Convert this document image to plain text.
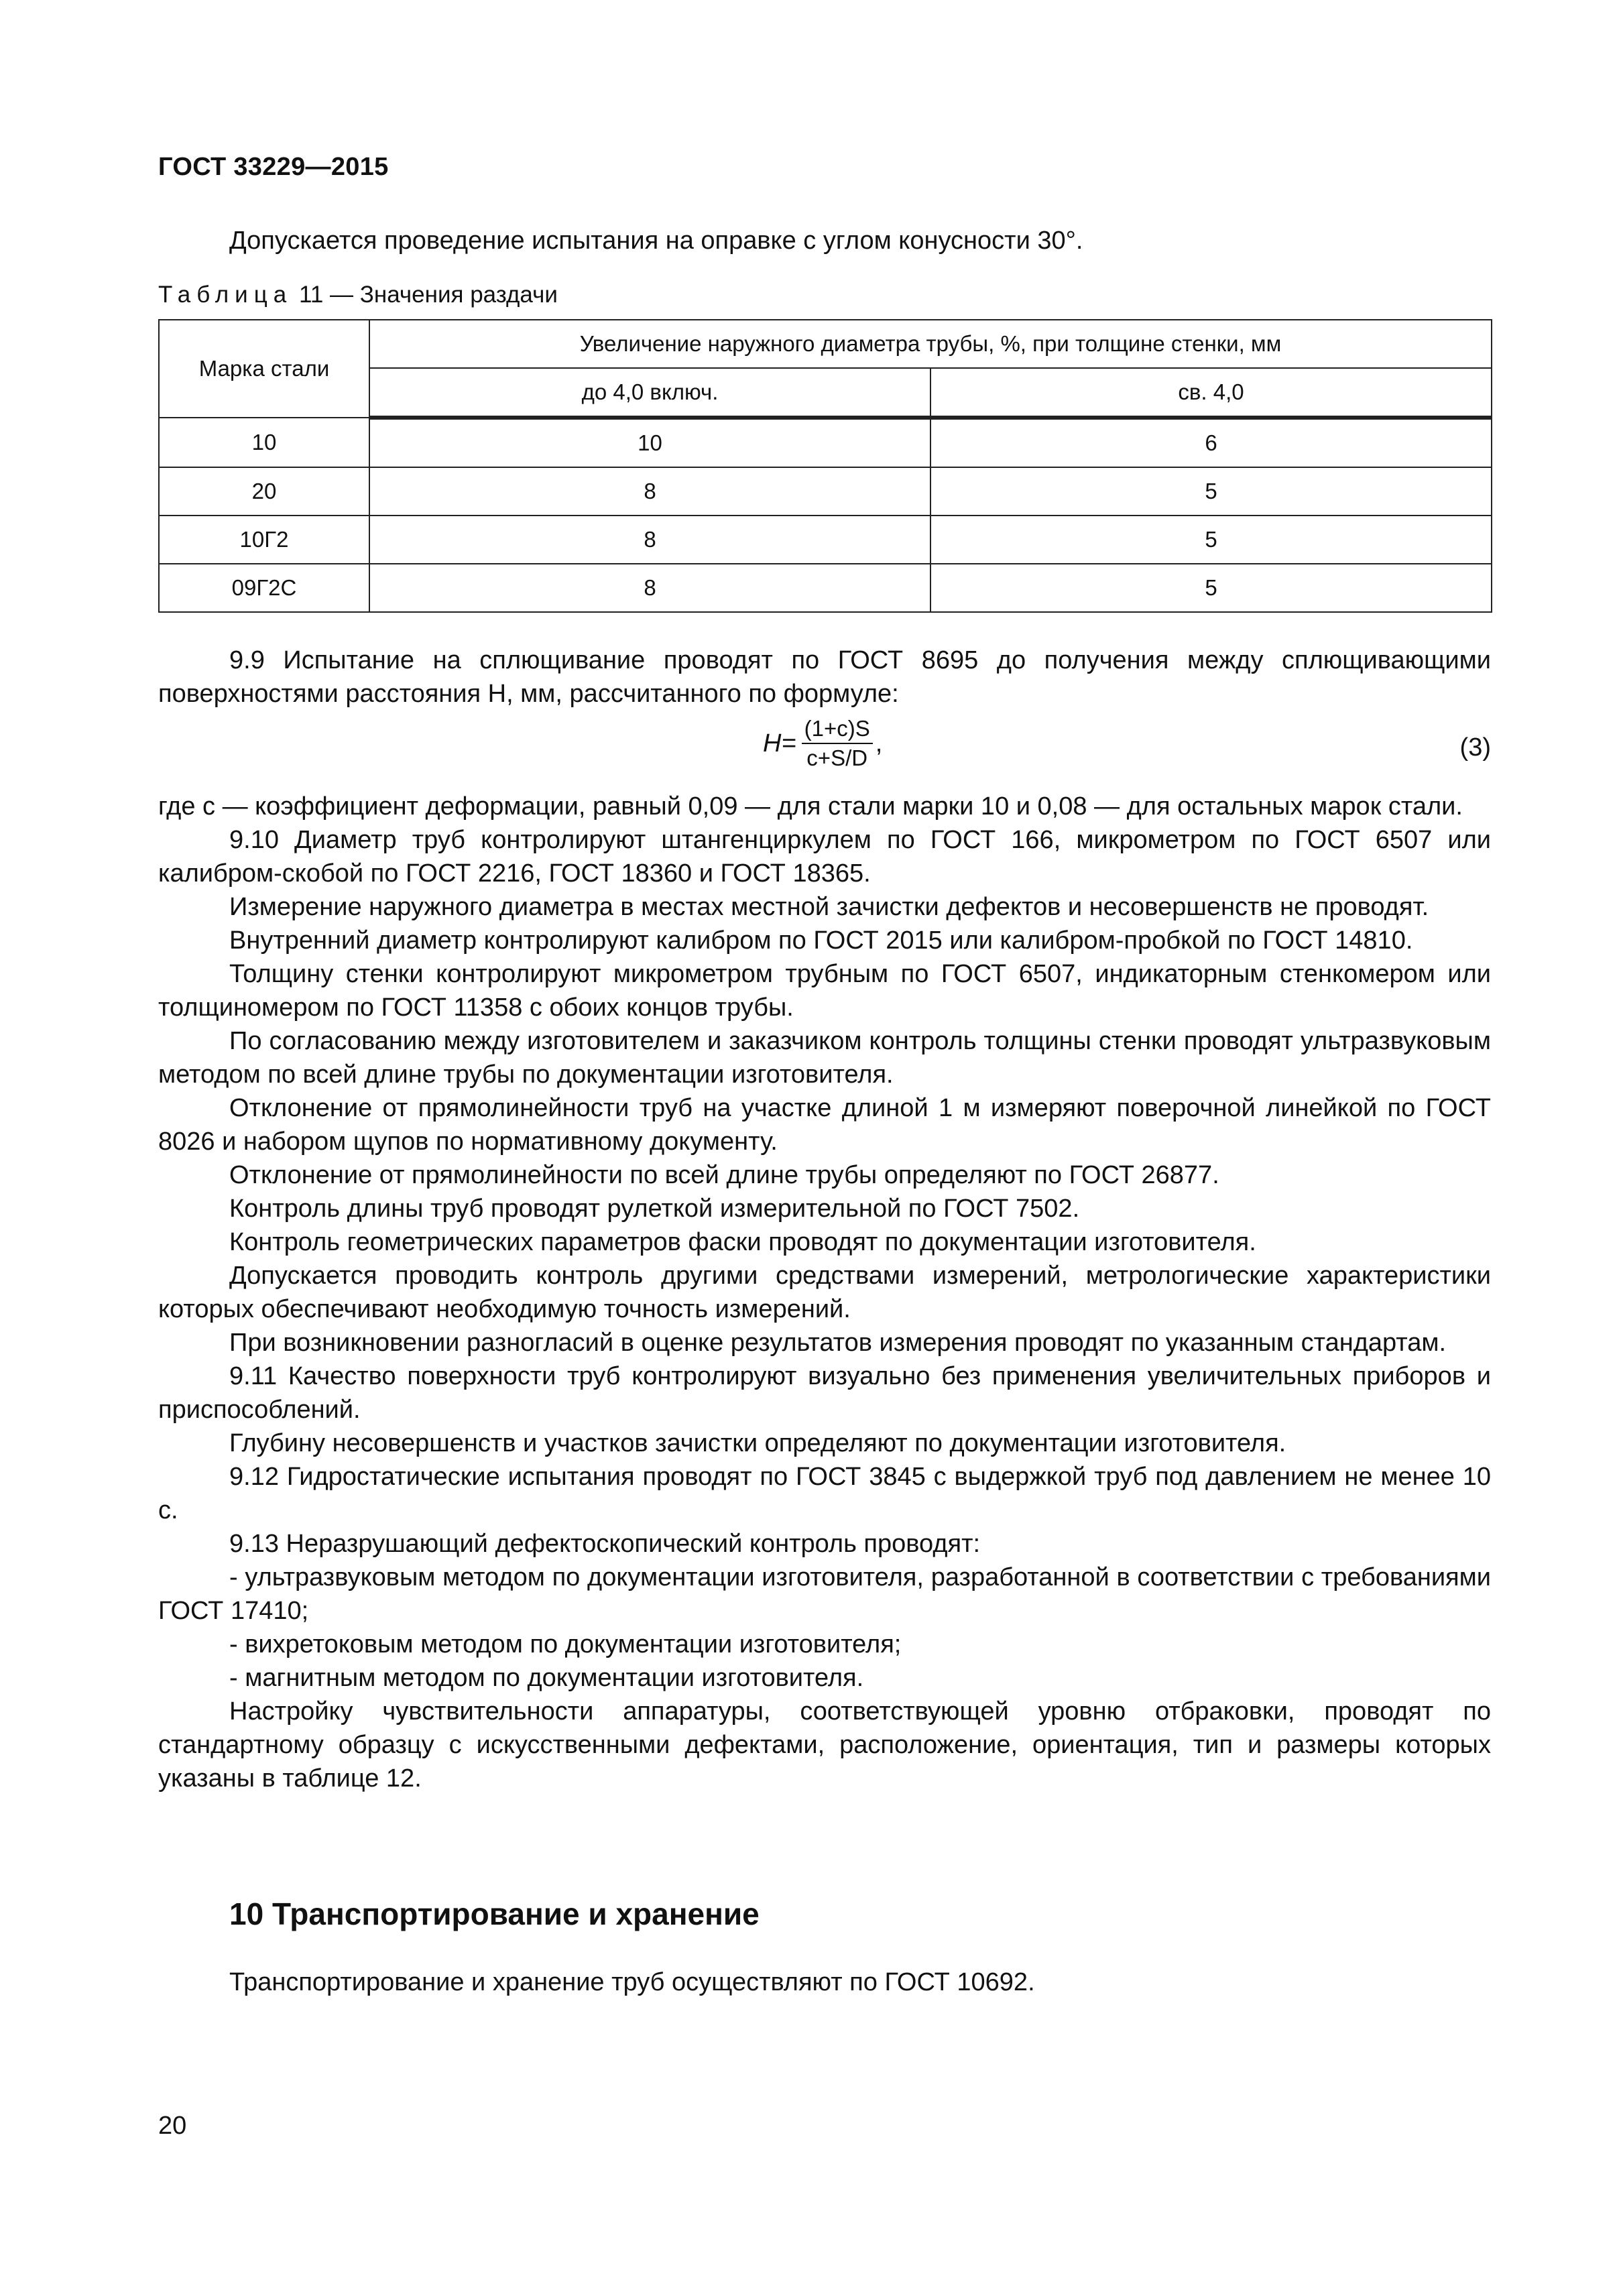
ГОСТ 33229—2015
Допускается проведение испытания на оправке с углом конусности 30°.
Таблица 11 — Значения раздачи
Марка стали	Увеличение наружного диаметра трубы, %, при толщине стенки, мм	
	до 4,0 включ.	св. 4,0
10	10	6
20	8	5
10Г2	8	5
09Г2С	8	5

9.9 Испытание на сплющивание проводят по ГОСТ 8695 до получения между сплющивающими поверхностями расстояния H, мм, рассчитанного по формуле:

$H= \frac{(1+c)S}{c+S/D}$ ,	(3)

где c — коэффициент деформации, равный 0,09 — для стали марки 10 и 0,08 — для остальных марок стали.

9.10 Диаметр труб контролируют штангенциркулем по ГОСТ 166, микрометром по ГОСТ 6507 или калибром-скобой по ГОСТ 2216, ГОСТ 18360 и ГОСТ 18365.

Измерение наружного диаметра в местах местной зачистки дефектов и несовершенств не проводят.

Внутренний диаметр контролируют калибром по ГОСТ 2015 или калибром-пробкой по ГОСТ 14810.

Толщину стенки контролируют микрометром трубным по ГОСТ 6507, индикаторным стенкомером или толщиномером по ГОСТ 11358 с обоих концов трубы.

По согласованию между изготовителем и заказчиком контроль толщины стенки проводят ультразвуковым методом по всей длине трубы по документации изготовителя.

Отклонение от прямолинейности труб на участке длиной 1 м измеряют поверочной линейкой по ГОСТ 8026 и набором щупов по нормативному документу.

Отклонение от прямолинейности по всей длине трубы определяют по ГОСТ 26877.

Контроль длины труб проводят рулеткой измерительной по ГОСТ 7502.

Контроль геометрических параметров фаски проводят по документации изготовителя.

Допускается проводить контроль другими средствами измерений, метрологические характеристики которых обеспечивают необходимую точность измерений.

При возникновении разногласий в оценке результатов измерения проводят по указанным стандартам.

9.11 Качество поверхности труб контролируют визуально без применения увеличительных приборов и приспособлений.

Глубину несовершенств и участков зачистки определяют по документации изготовителя.

9.12 Гидростатические испытания проводят по ГОСТ 3845 с выдержкой труб под давлением не менее 10 с.

9.13 Неразрушающий дефектоскопический контроль проводят:

- ультразвуковым методом по документации изготовителя, разработанной в соответствии с требованиями ГОСТ 17410;

- вихретоковым методом по документации изготовителя;

- магнитным методом по документации изготовителя.

Настройку чувствительности аппаратуры, соответствующей уровню отбраковки, проводят по стандартному образцу с искусственными дефектами, расположение, ориентация, тип и размеры которых указаны в таблице 12.

10 Транспортирование и хранение
Транспортирование и хранение труб осуществляют по ГОСТ 10692.
20
